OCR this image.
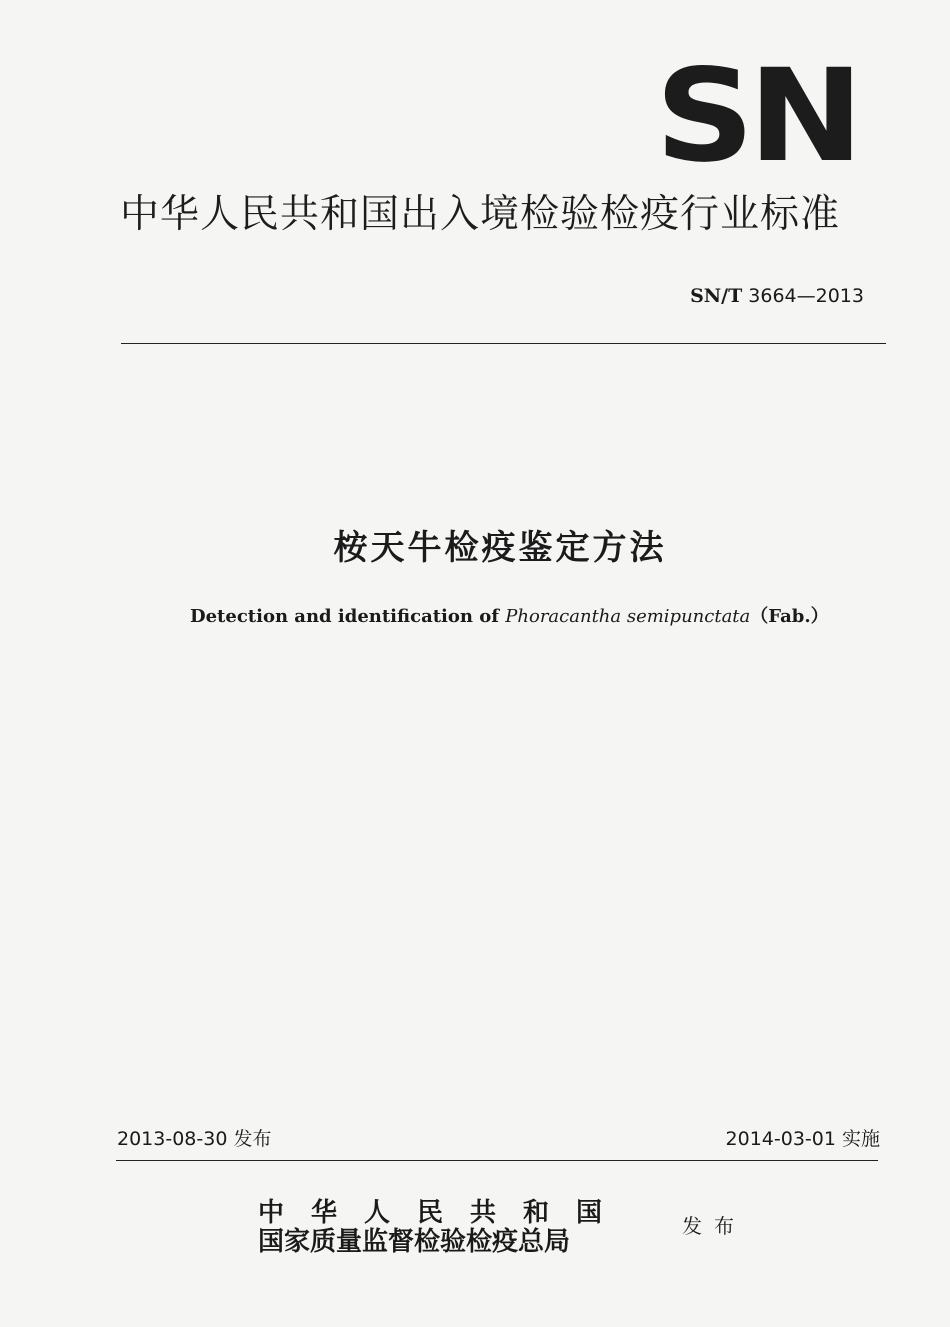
SN
中华人民共和国出入境检验检疫行业标准
SN/T 3664—2013
桉天牛检疫鉴定方法
Detection and identification of Phoracantha semipunctata（Fab.）
2013-08-30 发布	2014-03-01 实施
中华人民共和国
国家质量监督检验检疫总局
发布
